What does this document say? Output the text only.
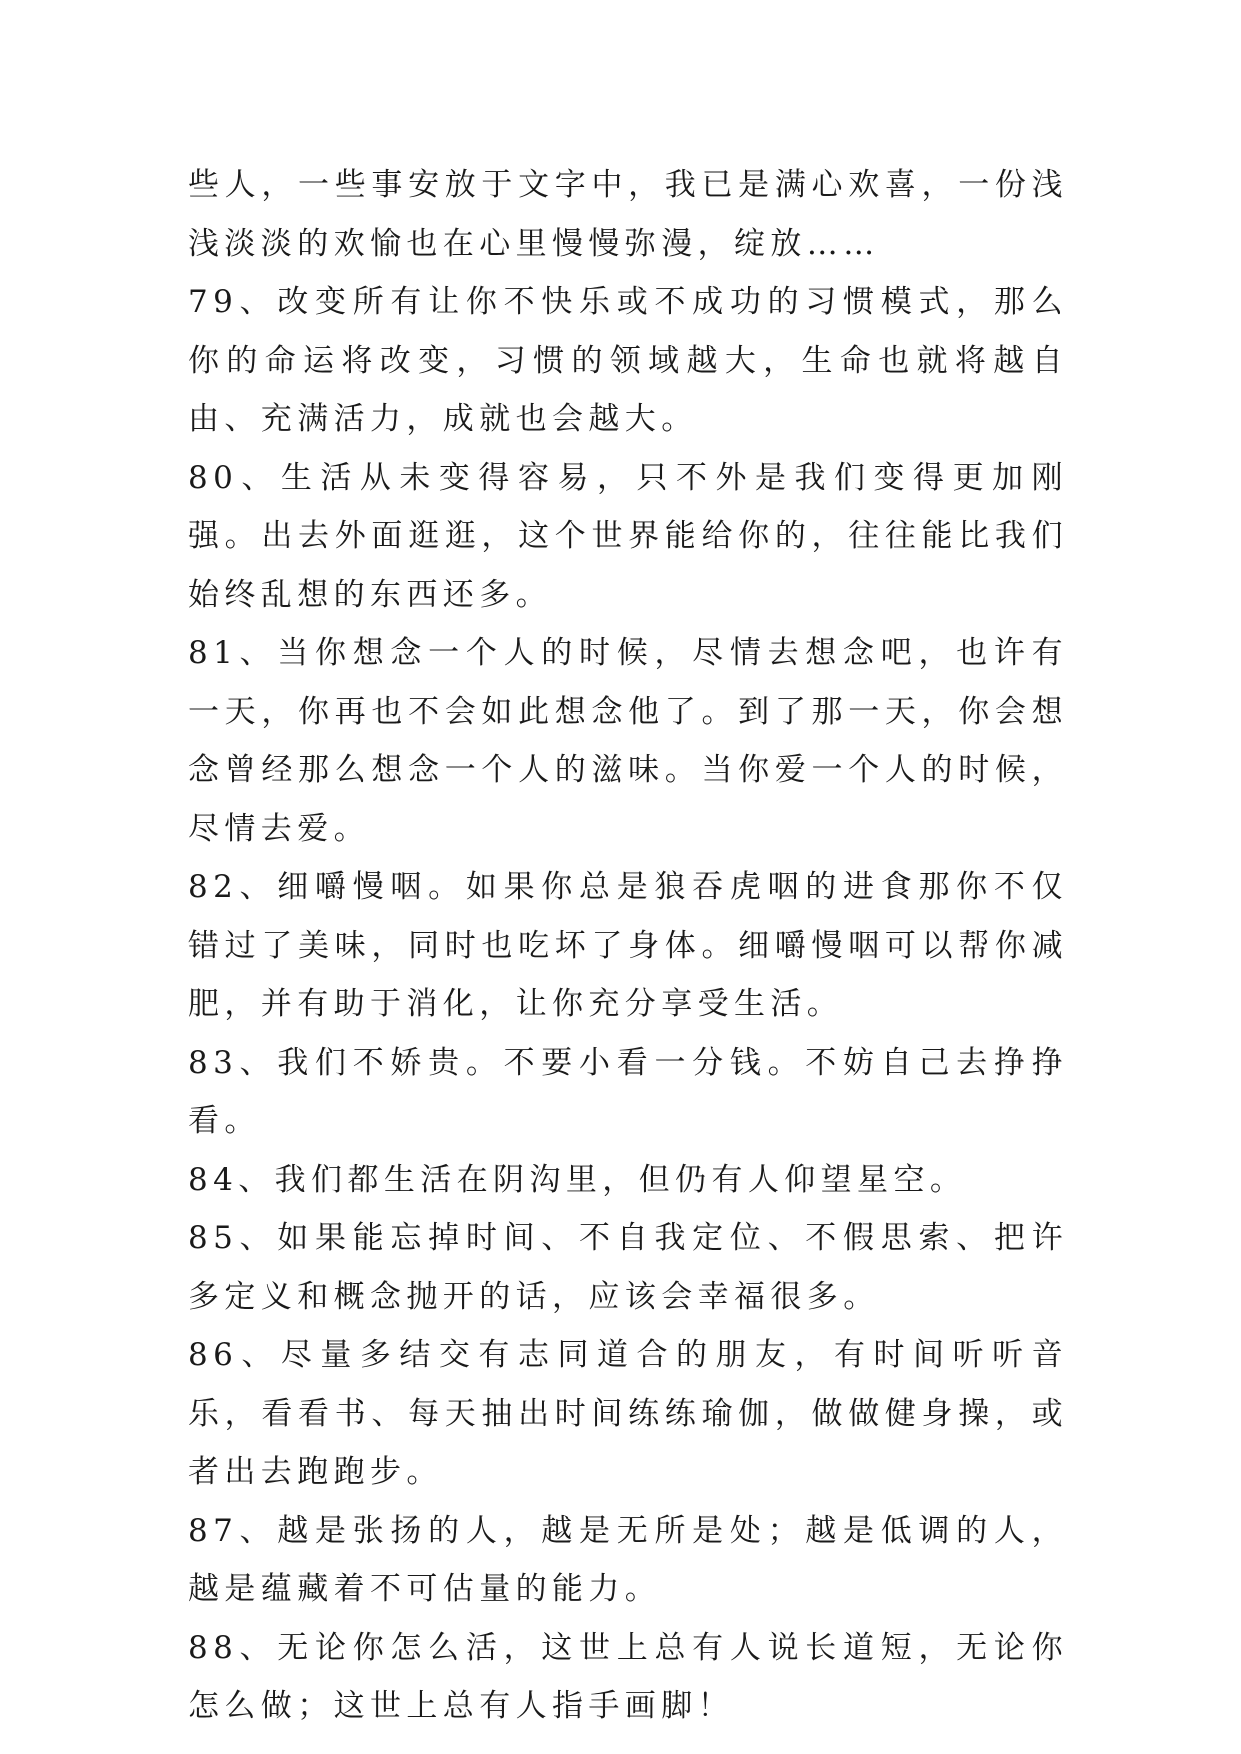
些人，一些事安放于文字中，我已是满心欢喜，一份浅浅淡淡的欢愉也在心里慢慢弥漫，绽放……

79、改变所有让你不快乐或不成功的习惯模式，那么你的命运将改变，习惯的领域越大，生命也就将越自由、充满活力，成就也会越大。

80、生活从未变得容易，只不外是我们变得更加刚强。出去外面逛逛，这个世界能给你的，往往能比我们始终乱想的东西还多。

81、当你想念一个人的时候，尽情去想念吧，也许有一天，你再也不会如此想念他了。到了那一天，你会想念曾经那么想念一个人的滋味。当你爱一个人的时候，尽情去爱。

82、细嚼慢咽。如果你总是狼吞虎咽的进食那你不仅错过了美味，同时也吃坏了身体。细嚼慢咽可以帮你减肥，并有助于消化，让你充分享受生活。

83、我们不娇贵。不要小看一分钱。不妨自己去挣挣看。

84、我们都生活在阴沟里，但仍有人仰望星空。

85、如果能忘掉时间、不自我定位、不假思索、把许多定义和概念抛开的话，应该会幸福很多。

86、尽量多结交有志同道合的朋友，有时间听听音乐，看看书、每天抽出时间练练瑜伽，做做健身操，或者出去跑跑步。

87、越是张扬的人，越是无所是处；越是低调的人，越是蕴藏着不可估量的能力。

88、无论你怎么活，这世上总有人说长道短，无论你怎么做；这世上总有人指手画脚！
